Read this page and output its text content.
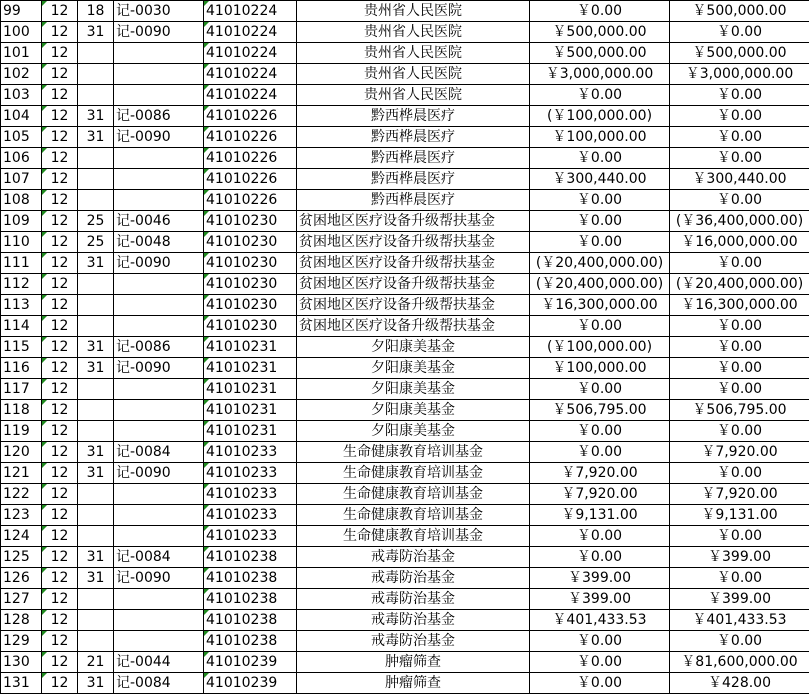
99	12	18	记-0030	41010224	贵州省人民医院	￥0.00	￥500,000.00
100	12	31	记-0090	41010224	贵州省人民医院	￥500,000.00	￥0.00
101	12			41010224	贵州省人民医院	￥500,000.00	￥500,000.00
102	12			41010224	贵州省人民医院	￥3,000,000.00	￥3,000,000.00
103	12			41010224	贵州省人民医院	￥0.00	￥0.00
104	12	31	记-0086	41010226	黔西桦晨医疗	(￥100,000.00)	￥0.00
105	12	31	记-0090	41010226	黔西桦晨医疗	￥100,000.00	￥0.00
106	12			41010226	黔西桦晨医疗	￥0.00	￥0.00
107	12			41010226	黔西桦晨医疗	￥300,440.00	￥300,440.00
108	12			41010226	黔西桦晨医疗	￥0.00	￥0.00
109	12	25	记-0046	41010230	贫困地区医疗设备升级帮扶基金	￥0.00	(￥36,400,000.00)
110	12	25	记-0048	41010230	贫困地区医疗设备升级帮扶基金	￥0.00	￥16,000,000.00
111	12	31	记-0090	41010230	贫困地区医疗设备升级帮扶基金	(￥20,400,000.00)	￥0.00
112	12			41010230	贫困地区医疗设备升级帮扶基金	(￥20,400,000.00)	(￥20,400,000.00)
113	12			41010230	贫困地区医疗设备升级帮扶基金	￥16,300,000.00	￥16,300,000.00
114	12			41010230	贫困地区医疗设备升级帮扶基金	￥0.00	￥0.00
115	12	31	记-0086	41010231	夕阳康美基金	(￥100,000.00)	￥0.00
116	12	31	记-0090	41010231	夕阳康美基金	￥100,000.00	￥0.00
117	12			41010231	夕阳康美基金	￥0.00	￥0.00
118	12			41010231	夕阳康美基金	￥506,795.00	￥506,795.00
119	12			41010231	夕阳康美基金	￥0.00	￥0.00
120	12	31	记-0084	41010233	生命健康教育培训基金	￥0.00	￥7,920.00
121	12	31	记-0090	41010233	生命健康教育培训基金	￥7,920.00	￥0.00
122	12			41010233	生命健康教育培训基金	￥7,920.00	￥7,920.00
123	12			41010233	生命健康教育培训基金	￥9,131.00	￥9,131.00
124	12			41010233	生命健康教育培训基金	￥0.00	￥0.00
125	12	31	记-0084	41010238	戒毒防治基金	￥0.00	￥399.00
126	12	31	记-0090	41010238	戒毒防治基金	￥399.00	￥0.00
127	12			41010238	戒毒防治基金	￥399.00	￥399.00
128	12			41010238	戒毒防治基金	￥401,433.53	￥401,433.53
129	12			41010238	戒毒防治基金	￥0.00	￥0.00
130	12	21	记-0044	41010239	肿瘤筛查	￥0.00	￥81,600,000.00
131	12	31	记-0084	41010239	肿瘤筛查	￥0.00	￥428.00
